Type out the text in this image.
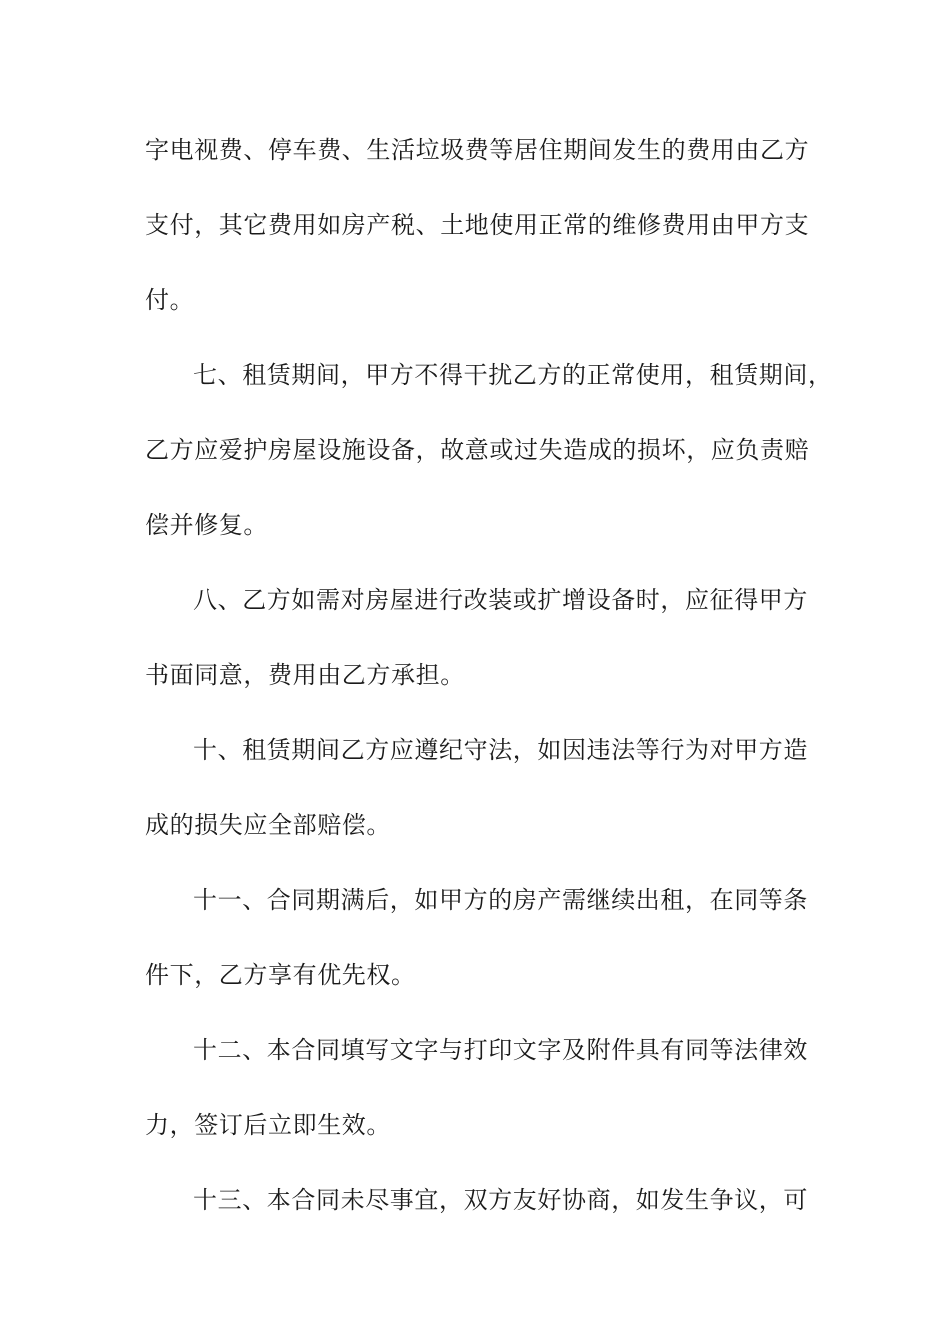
字电视费、停车费、生活垃圾费等居住期间发生的费用由乙方
支付，其它费用如房产税、土地使用正常的维修费用由甲方支
付。
七、租赁期间，甲方不得干扰乙方的正常使用，租赁期间，
乙方应爱护房屋设施设备，故意或过失造成的损坏，应负责赔
偿并修复。
八、乙方如需对房屋进行改装或扩增设备时，应征得甲方
书面同意，费用由乙方承担。
十、租赁期间乙方应遵纪守法，如因违法等行为对甲方造
成的损失应全部赔偿。
十一、合同期满后，如甲方的房产需继续出租，在同等条
件下，乙方享有优先权。
十二、本合同填写文字与打印文字及附件具有同等法律效
力，签订后立即生效。
十三、本合同未尽事宜，双方友好协商，如发生争议，可
